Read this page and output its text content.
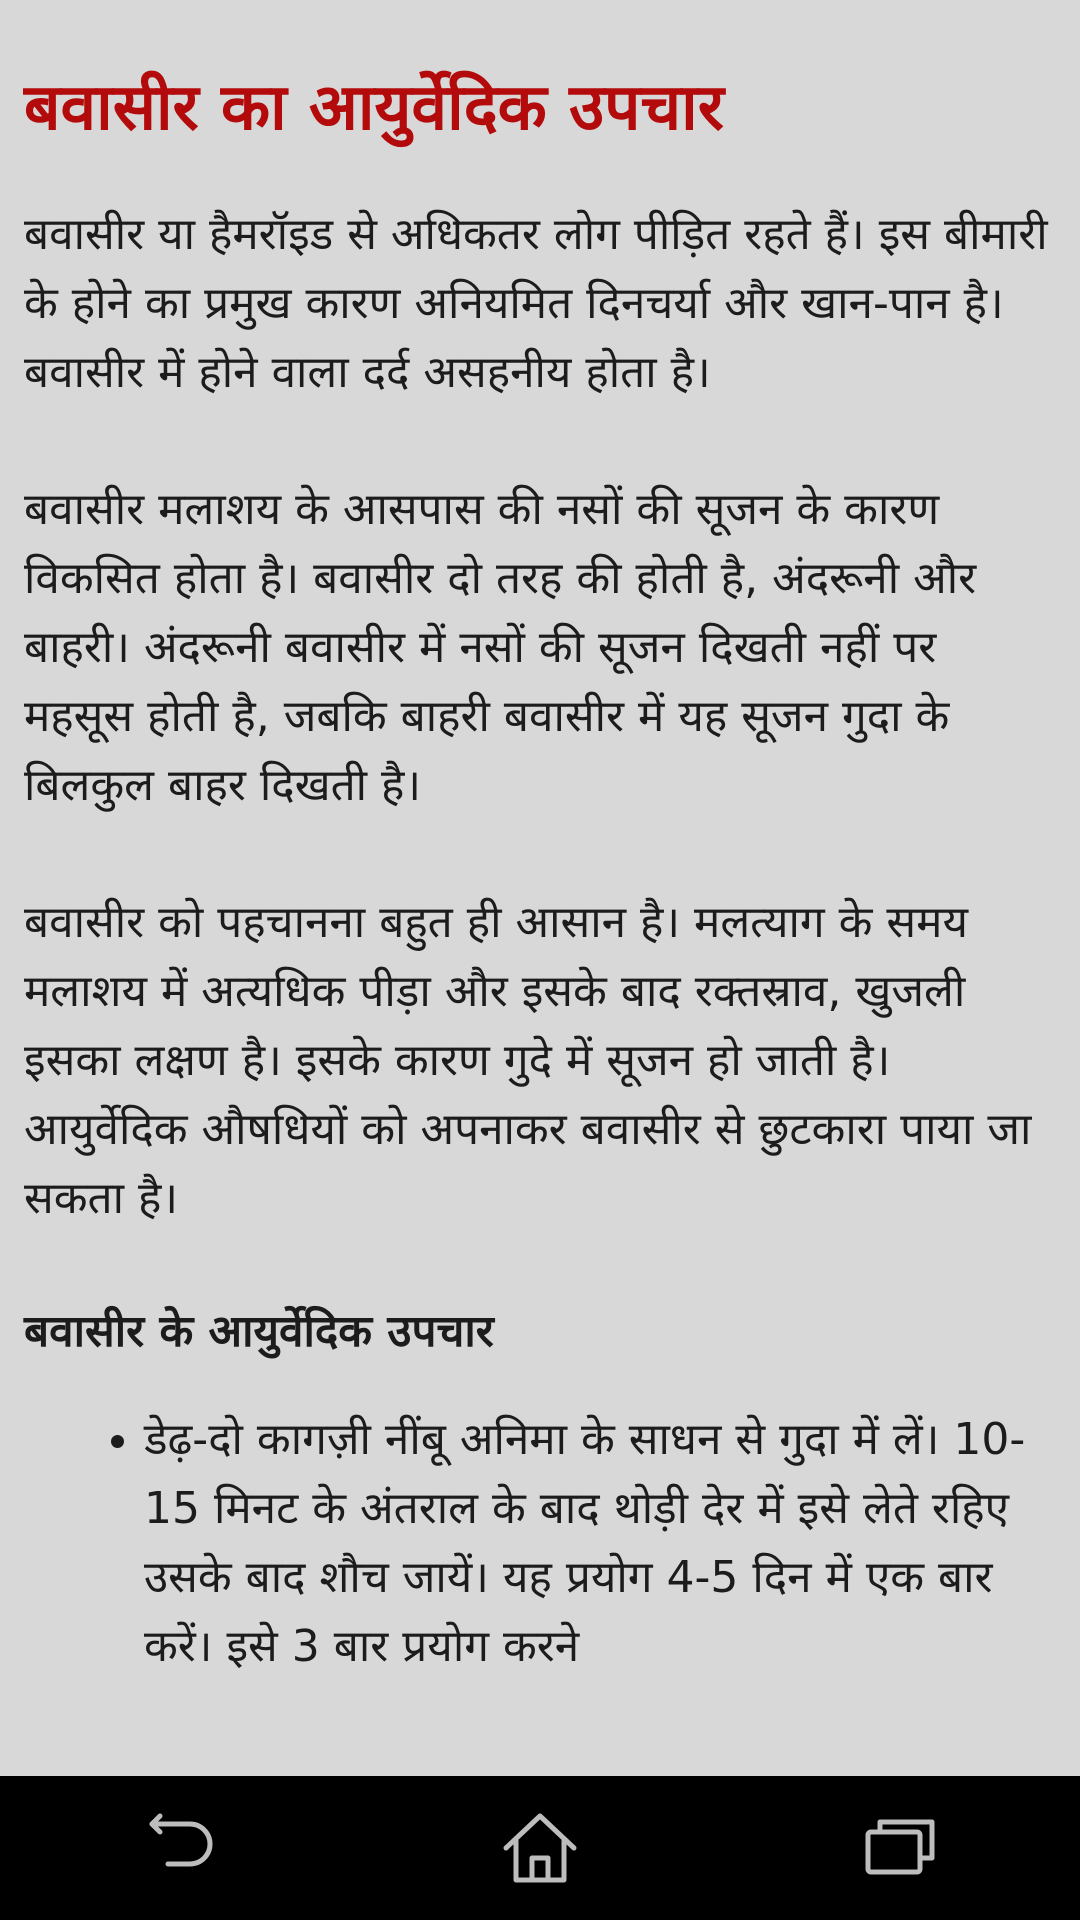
बवासीर का आयुर्वेदिक उपचार

बवासीर या हैमरॉइड से अधिकतर लोग पीड़ित रहते हैं। इस बीमारी के होने का प्रमुख कारण अनियमित दिनचर्या और खान-पान है। बवासीर में होने वाला दर्द असहनीय होता है।

बवासीर मलाशय के आसपास की नसों की सूजन के कारण विकसित होता है। बवासीर दो तरह की होती है, अंदरूनी और बाहरी। अंदरूनी बवासीर में नसों की सूजन दिखती नहीं पर महसूस होती है, जबकि बाहरी बवासीर में यह सूजन गुदा के बिलकुल बाहर दिखती है।

बवासीर को पहचानना बहुत ही आसान है। मलत्याग के समय मलाशय में अत्यधिक पीड़ा और इसके बाद रक्तस्राव, खुजली इसका लक्षण है। इसके कारण गुदे में सूजन हो जाती है। आयुर्वेदिक औषधियों को अपनाकर बवासीर से छुटकारा पाया जा सकता है।

बवासीर के आयुर्वेदिक उपचार
• डेढ़-दो कागज़ी नींबू अनिमा के साधन से गुदा में लें। 10-15 मिनट के अंतराल के बाद थोड़ी देर में इसे लेते रहिए उसके बाद शौच जायें। यह प्रयोग 4-5 दिन में एक बार करें। इसे 3 बार प्रयोग करने
